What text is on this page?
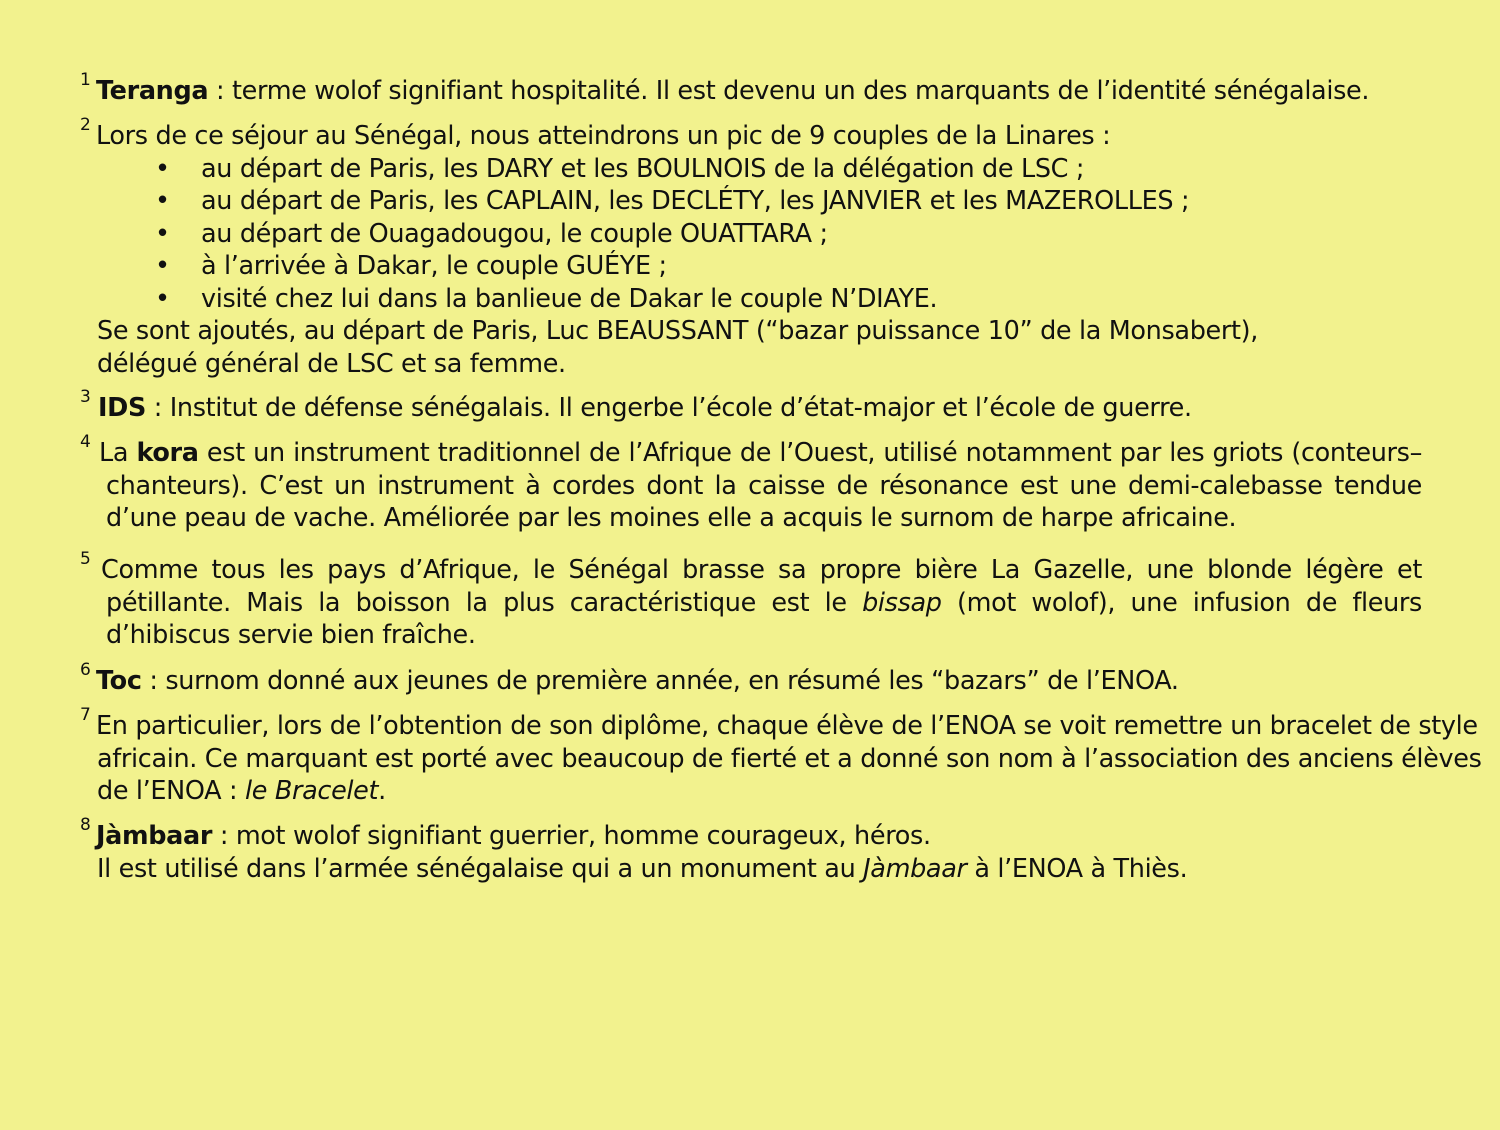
1 Teranga : terme wolof signifiant hospitalité. Il est devenu un des marquants de l’identité sénégalaise.
2 Lors de ce séjour au Sénégal, nous atteindrons un pic de 9 couples de la Linares :
• au départ de Paris, les DARY et les BOULNOIS de la délégation de LSC ;
• au départ de Paris, les CAPLAIN, les DECLÉTY, les JANVIER et les MAZEROLLES ;
• au départ de Ouagadougou, le couple OUATTARA ;
• à l’arrivée à Dakar, le couple GUÉYE ;
• visité chez lui dans la banlieue de Dakar le couple N’DIAYE.
Se sont ajoutés, au départ de Paris, Luc BEAUSSANT (“bazar puissance 10” de la Monsabert),
délégué général de LSC et sa femme.
3 IDS : Institut de défense sénégalais. Il engerbe l’école d’état-major et l’école de guerre.
4 La kora est un instrument traditionnel de l’Afrique de l’Ouest, utilisé notamment par les griots (conteurs–chanteurs). C’est un instrument à cordes dont la caisse de résonance est une demi-calebasse tendue d’une peau de vache. Améliorée par les moines elle a acquis le surnom de harpe africaine.
5 Comme tous les pays d’Afrique, le Sénégal brasse sa propre bière La Gazelle, une blonde légère et pétillante. Mais la boisson la plus caractéristique est le bissap (mot wolof), une infusion de fleurs d’hibiscus servie bien fraîche.
6 Toc : surnom donné aux jeunes de première année, en résumé les “bazars” de l’ENOA.
7 En particulier, lors de l’obtention de son diplôme, chaque élève de l’ENOA se voit remettre un bracelet de style
africain. Ce marquant est porté avec beaucoup de fierté et a donné son nom à l’association des anciens élèves
de l’ENOA : le Bracelet.
8 Jàmbaar : mot wolof signifiant guerrier, homme courageux, héros.
Il est utilisé dans l’armée sénégalaise qui a un monument au Jàmbaar à l’ENOA à Thiès.
